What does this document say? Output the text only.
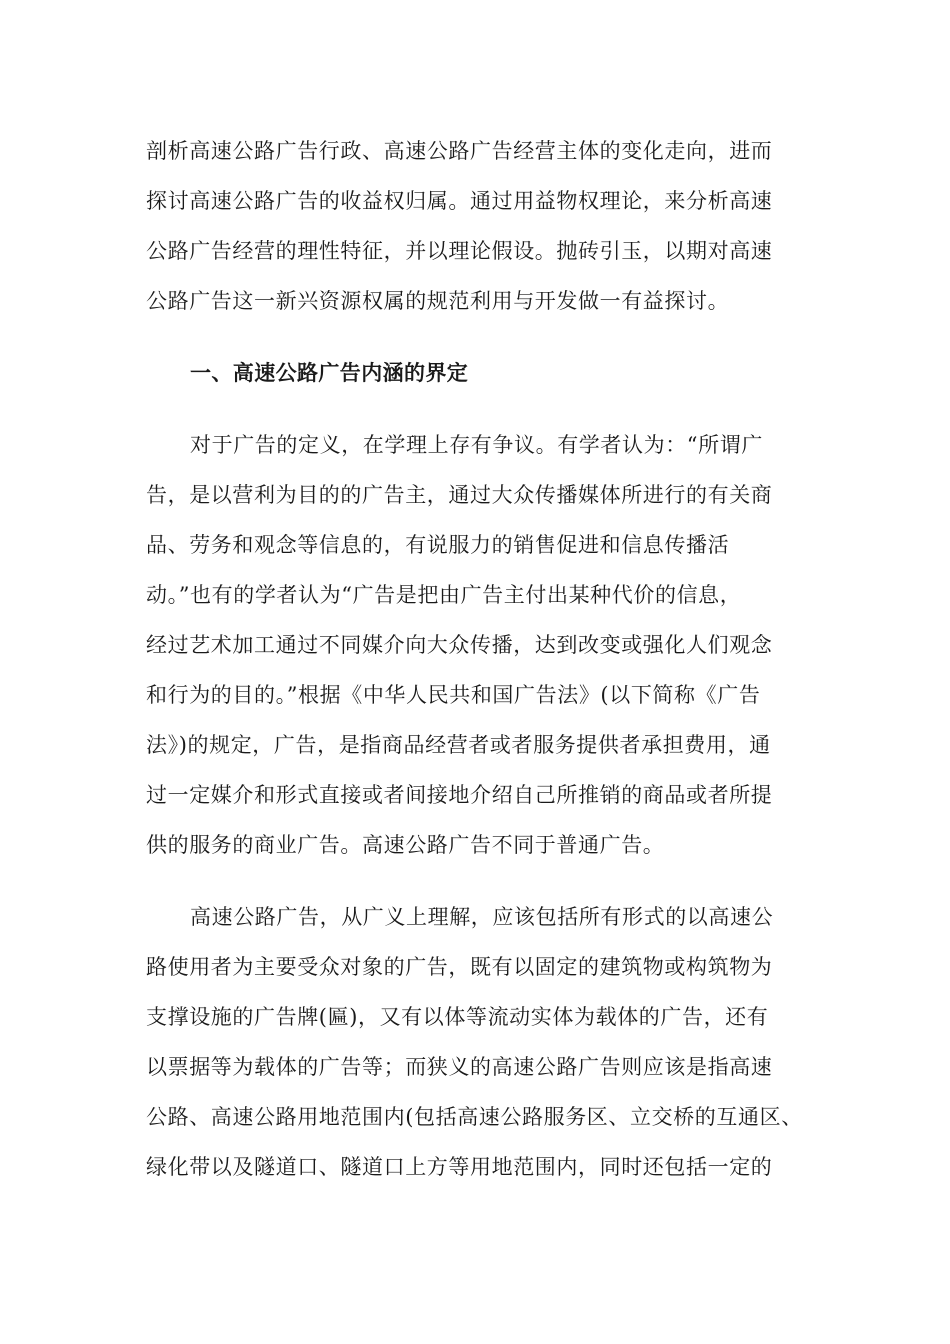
剖析高速公路广告行政、高速公路广告经营主体的变化走向，进而
探讨高速公路广告的收益权归属。通过用益物权理论，来分析高速
公路广告经营的理性特征，并以理论假设。抛砖引玉，以期对高速
公路广告这一新兴资源权属的规范利用与开发做一有益探讨。
一、高速公路广告内涵的界定
对于广告的定义，在学理上存有争议。有学者认为：“所谓广
告，是以营利为目的的广告主，通过大众传播媒体所进行的有关商
品、劳务和观念等信息的，有说服力的销售促进和信息传播活
动。”也有的学者认为“广告是把由广告主付出某种代价的信息，
经过艺术加工通过不同媒介向大众传播，达到改变或强化人们观念
和行为的目的。”根据《中华人民共和国广告法》(以下简称《广告
法》)的规定，广告，是指商品经营者或者服务提供者承担费用，通
过一定媒介和形式直接或者间接地介绍自己所推销的商品或者所提
供的服务的商业广告。高速公路广告不同于普通广告。
高速公路广告，从广义上理解，应该包括所有形式的以高速公
路使用者为主要受众对象的广告，既有以固定的建筑物或构筑物为
支撑设施的广告牌(匾)，又有以体等流动实体为载体的广告，还有
以票据等为载体的广告等；而狭义的高速公路广告则应该是指高速
公路、高速公路用地范围内(包括高速公路服务区、立交桥的互通区、
绿化带以及隧道口、隧道口上方等用地范围内，同时还包括一定的
